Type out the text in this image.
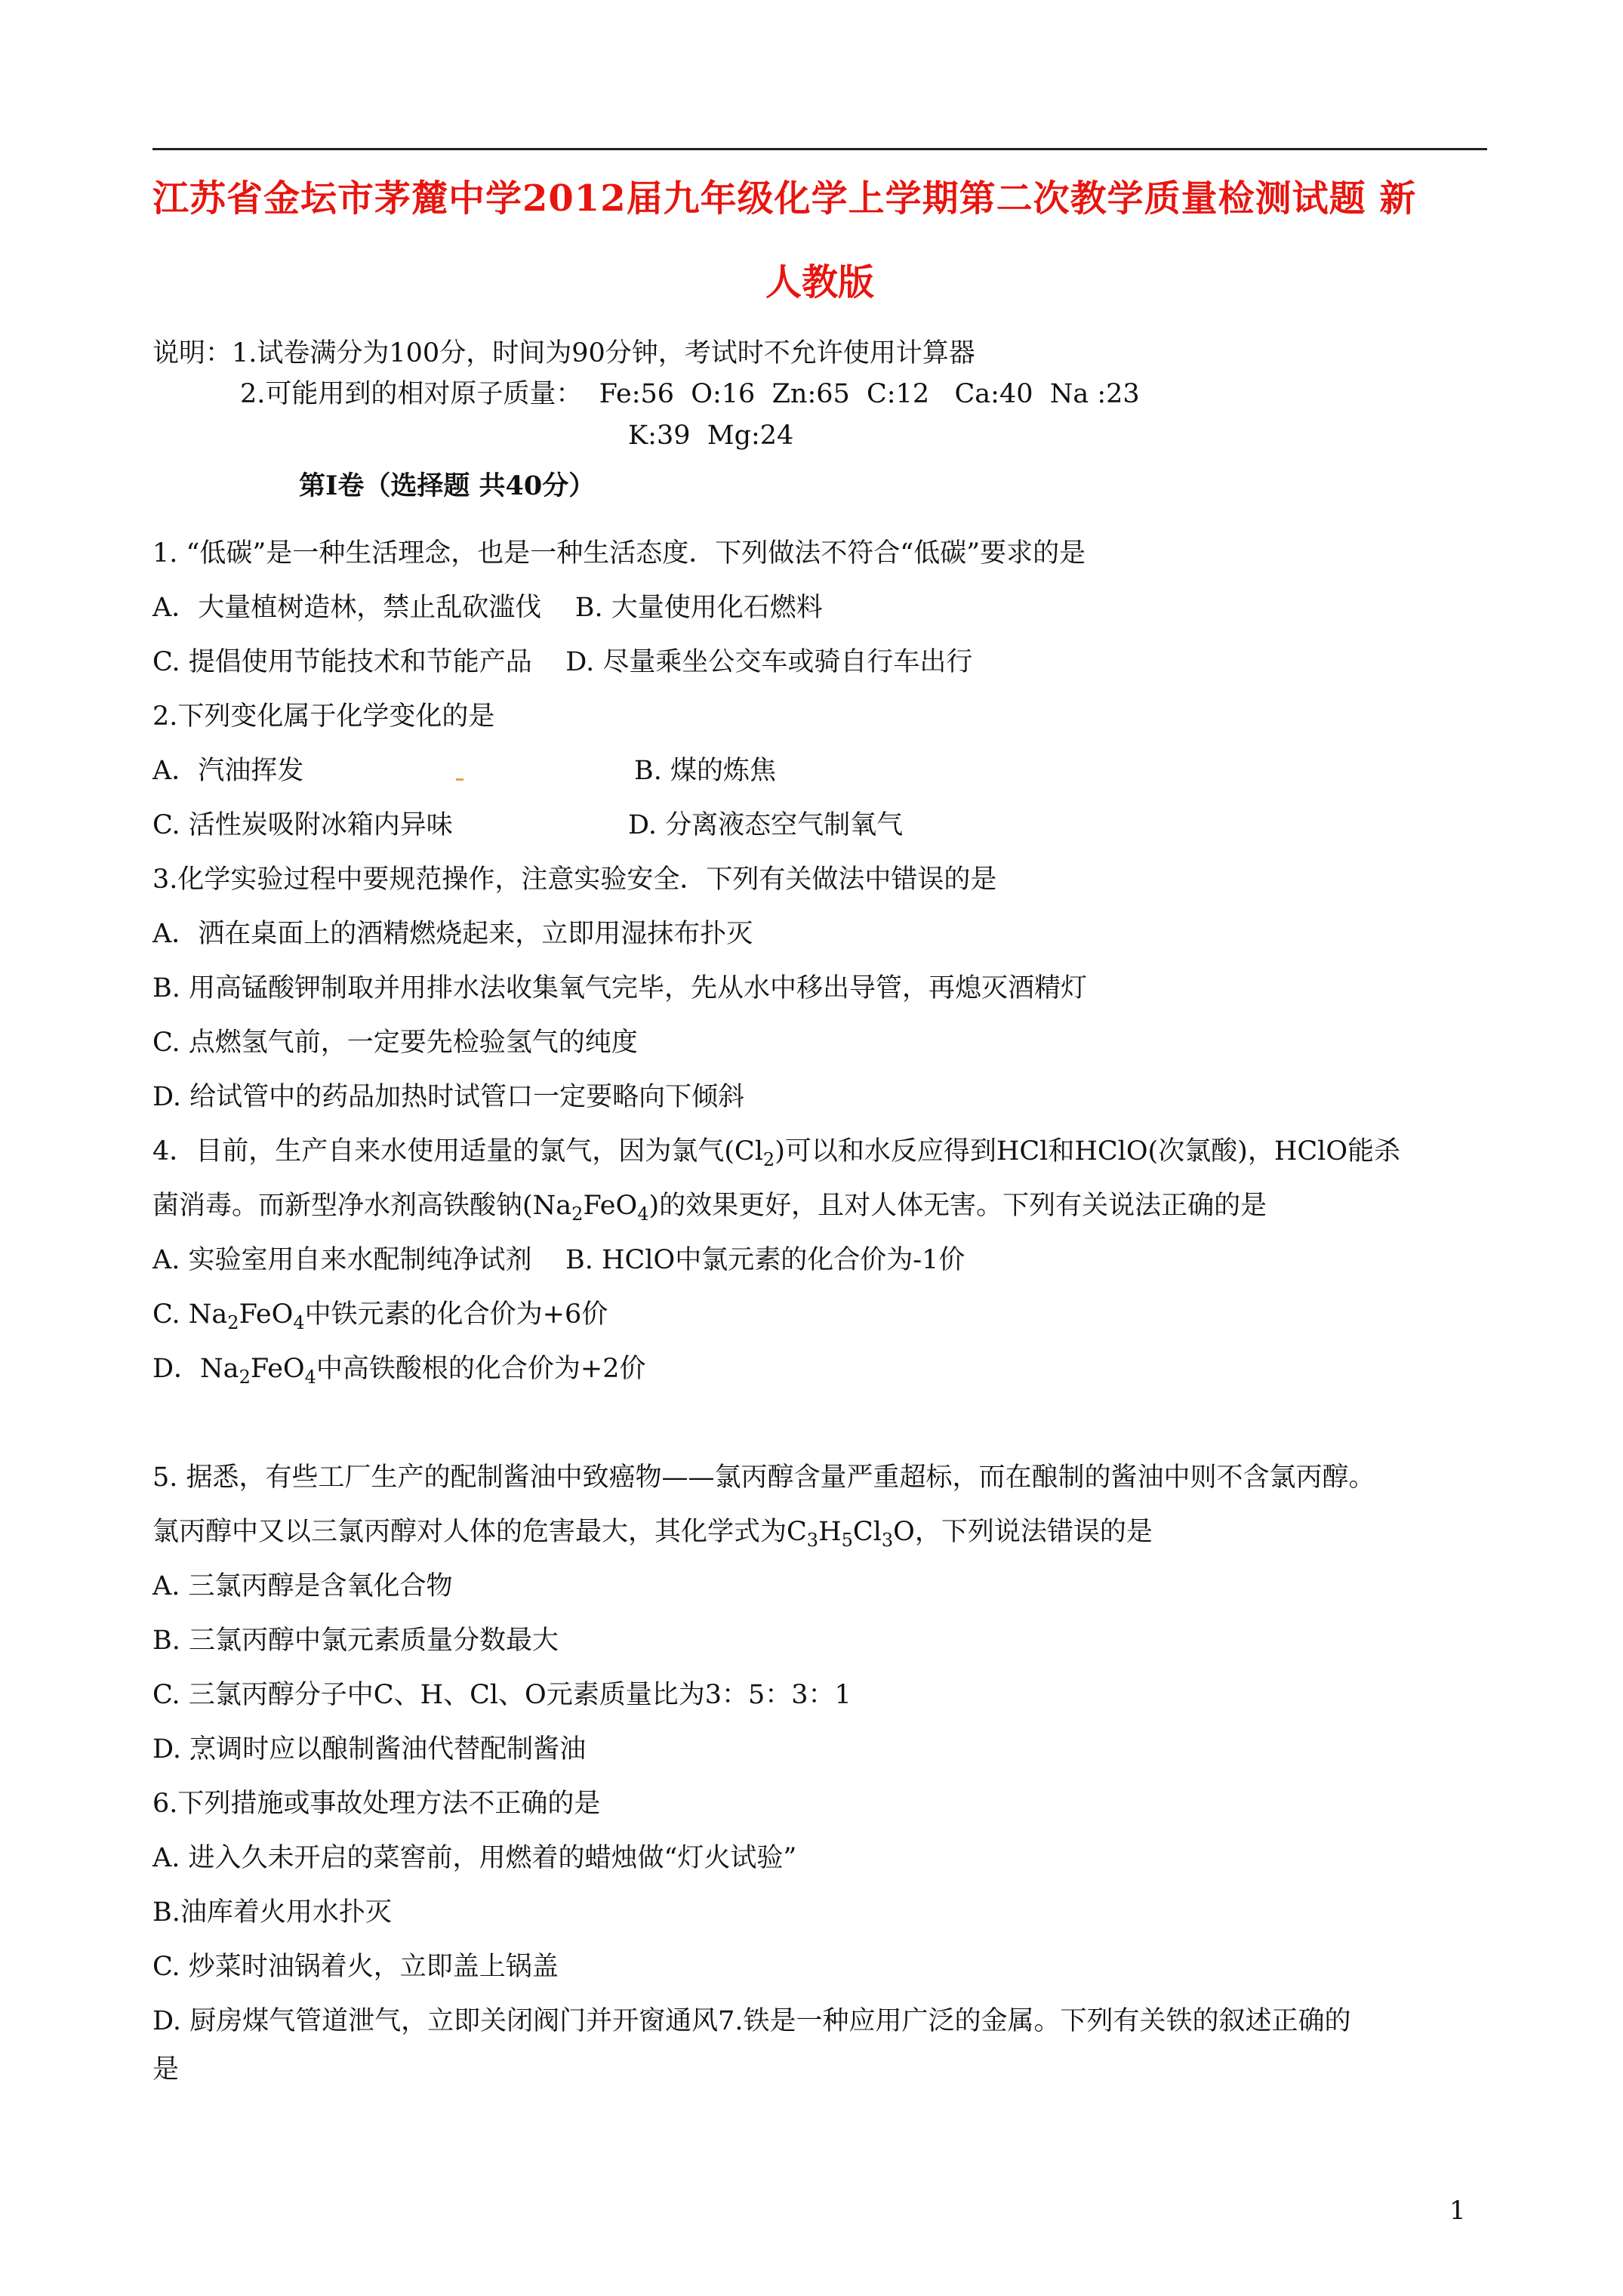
江苏省金坛市茅麓中学2012届九年级化学上学期第二次教学质量检测试题 新
人教版
说明：1.试卷满分为100分，时间为90分钟，考试时不允许使用计算器
2.可能用到的相对原子质量：  Fe:56  O:16  Zn:65  C:12   Ca:40  Na :23
K:39  Mg:24
第Ⅰ卷（选择题 共40分）
1. “低碳”是一种生活理念，也是一种生活态度．下列做法不符合“低碳”要求的是
A．大量植树造林，禁止乱砍滥伐    B. 大量使用化石燃料
C. 提倡使用节能技术和节能产品    D. 尽量乘坐公交车或骑自行车出行
2.下列变化属于化学变化的是
A．汽油挥发	B. 煤的炼焦
C. 活性炭吸附冰箱内异味	D. 分离液态空气制氧气
3.化学实验过程中要规范操作，注意实验安全．下列有关做法中错误的是
A．洒在桌面上的酒精燃烧起来，立即用湿抹布扑灭
B. 用高锰酸钾制取并用排水法收集氧气完毕，先从水中移出导管，再熄灭酒精灯
C. 点燃氢气前，一定要先检验氢气的纯度
D. 给试管中的药品加热时试管口一定要略向下倾斜
4．目前，生产自来水使用适量的氯气，因为氯气$(Cl_2)$可以和水反应得到HCl和HClO(次氯酸)，HClO能杀
菌消毒。而新型净水剂高铁酸钠$(Na_2FeO_4)$的效果更好，且对人体无害。下列有关说法正确的是
A. 实验室用自来水配制纯净试剂    B. HClO中氯元素的化合价为-1价
C. $Na_2FeO_4$中铁元素的化合价为+6价
D．$Na_2FeO_4$中高铁酸根的化合价为+2价
5. 据悉，有些工厂生产的配制酱油中致癌物——氯丙醇含量严重超标，而在酿制的酱油中则不含氯丙醇。
氯丙醇中又以三氯丙醇对人体的危害最大，其化学式为$C_3H_5Cl_3O$，下列说法错误的是
A. 三氯丙醇是含氧化合物
B. 三氯丙醇中氯元素质量分数最大
C. 三氯丙醇分子中C、H、Cl、O元素质量比为3：5：3：1
D. 烹调时应以酿制酱油代替配制酱油
6.下列措施或事故处理方法不正确的是
A. 进入久未开启的菜窖前，用燃着的蜡烛做“灯火试验”
B.油库着火用水扑灭
C. 炒菜时油锅着火，立即盖上锅盖
D. 厨房煤气管道泄气，立即关闭阀门并开窗通风7.铁是一种应用广泛的金属。下列有关铁的叙述正确的
是
1
